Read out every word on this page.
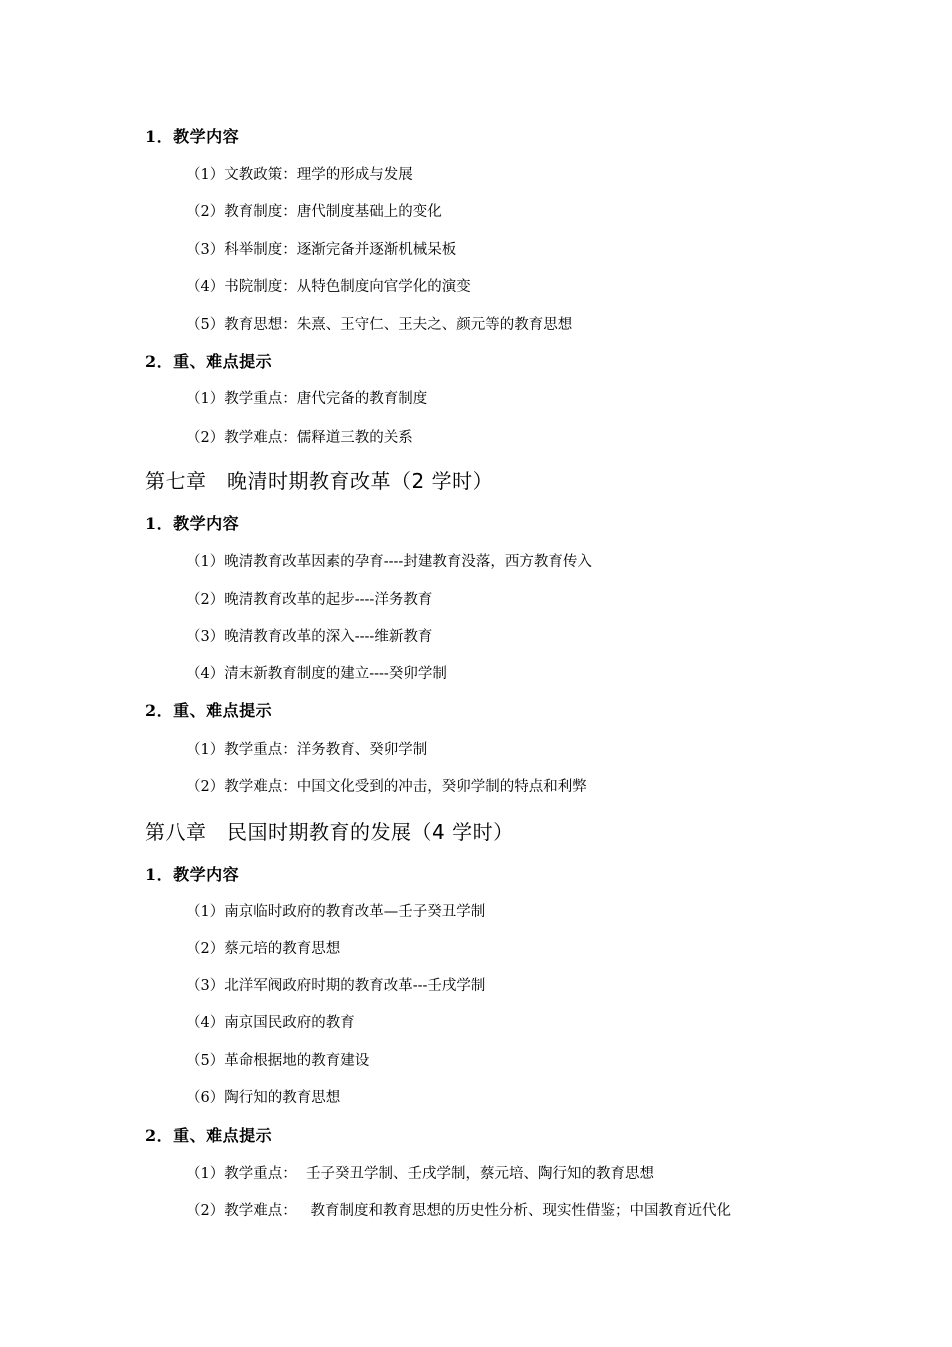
1．教学内容
（1）文教政策：理学的形成与发展
（2）教育制度：唐代制度基础上的变化
（3）科举制度：逐渐完备并逐渐机械呆板
（4）书院制度：从特色制度向官学化的演变
（5）教育思想：朱熹、王守仁、王夫之、颜元等的教育思想
2．重、难点提示
（1）教学重点：唐代完备的教育制度
（2）教学难点：儒释道三教的关系
第七章　晚清时期教育改革（2 学时）
1．教学内容
（1）晚清教育改革因素的孕育----封建教育没落，西方教育传入
（2）晚清教育改革的起步----洋务教育
（3）晚清教育改革的深入----维新教育
（4）清末新教育制度的建立----癸卯学制
2．重、难点提示
（1）教学重点：洋务教育、癸卯学制
（2）教学难点：中国文化受到的冲击，癸卯学制的特点和利弊
第八章　民国时期教育的发展（4 学时）
1．教学内容
（1）南京临时政府的教育改革—壬子癸丑学制
（2）蔡元培的教育思想
（3）北洋军阀政府时期的教育改革---壬戌学制
（4）南京国民政府的教育
（5）革命根据地的教育建设
（6）陶行知的教育思想
2．重、难点提示
（1）教学重点：  壬子癸丑学制、壬戌学制，蔡元培、陶行知的教育思想
（2）教学难点：   教育制度和教育思想的历史性分析、现实性借鉴；中国教育近代化
